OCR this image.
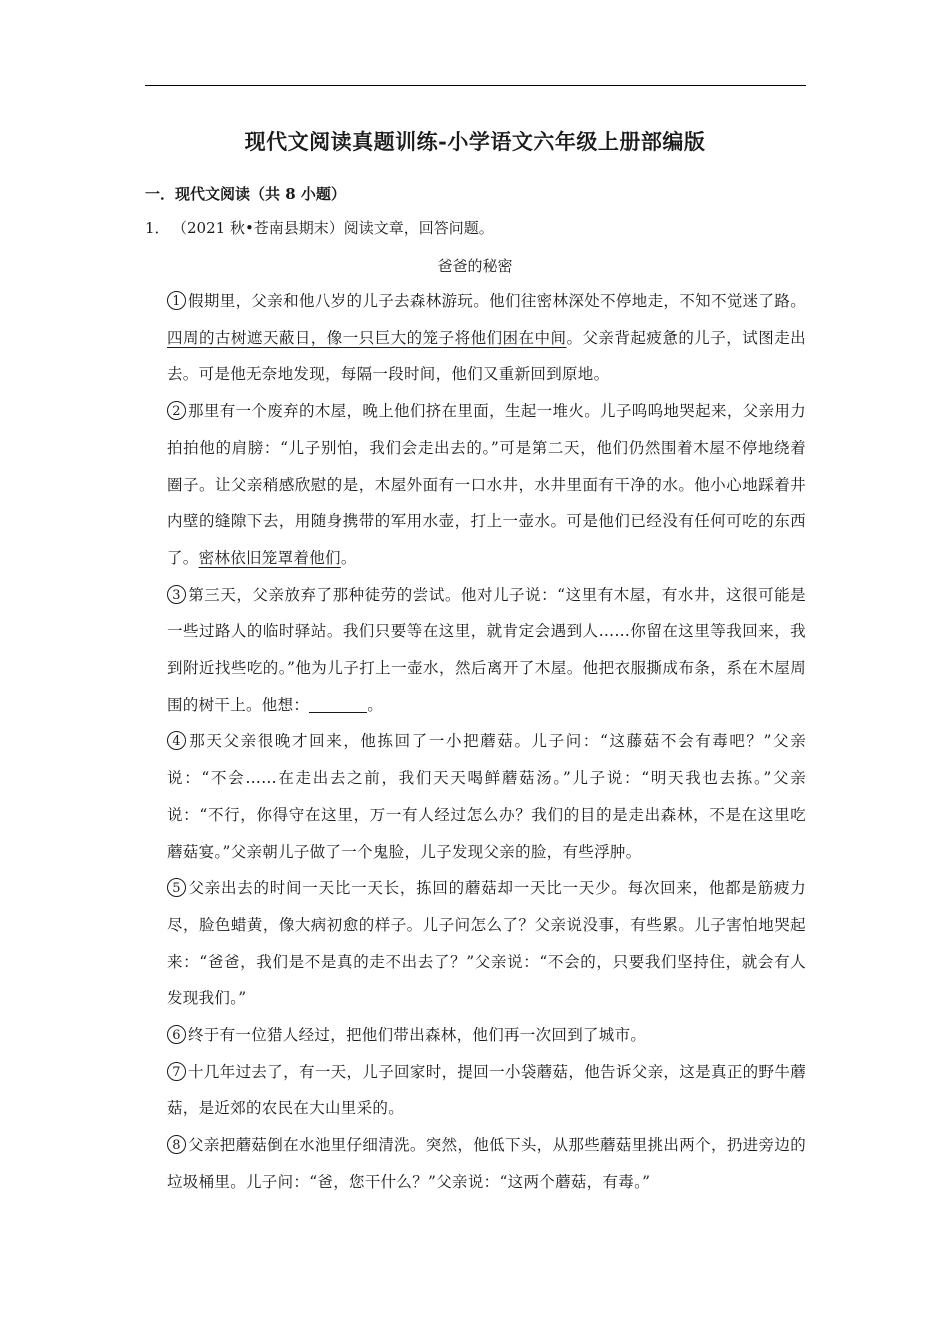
现代文阅读真题训练-小学语文六年级上册部编版
一．现代文阅读（共 8 小题）
1． （2021 秋•苍南县期末）阅读文章，回答问题。
爸爸的秘密

1 假期里，父亲和他八岁的儿子去森林游玩。他们往密林深处不停地走，不知不觉迷了路。四周的古树遮天蔽日，像一只巨大的笼子将他们困在中间。父亲背起疲惫的儿子，试图走出去。可是他无奈地发现，每隔一段时间，他们又重新回到原地。

2 那里有一个废弃的木屋，晚上他们挤在里面，生起一堆火。儿子呜呜地哭起来，父亲用力拍拍他的肩膀：“儿子别怕，我们会走出去的。”可是第二天，他们仍然围着木屋不停地绕着圈子。让父亲稍感欣慰的是，木屋外面有一口水井，水井里面有干净的水。他小心地踩着井内壁的缝隙下去，用随身携带的军用水壶，打上一壶水。可是他们已经没有任何可吃的东西了。密林依旧笼罩着他们。

3 第三天，父亲放弃了那种徒劳的尝试。他对儿子说：“这里有木屋，有水井，这很可能是一些过路人的临时驿站。我们只要等在这里，就肯定会遇到人……你留在这里等我回来，我到附近找些吃的。”他为儿子打上一壶水，然后离开了木屋。他把衣服撕成布条，系在木屋周围的树干上。他想：	。

4 那天父亲很晚才回来，他拣回了一小把蘑菇。儿子问：“这藤菇不会有毒吧？”父亲说：“不会……在走出去之前，我们天天喝鲜蘑菇汤。”儿子说：“明天我也去拣。”父亲说：“不行，你得守在这里，万一有人经过怎么办？我们的目的是走出森林，不是在这里吃蘑菇宴。”父亲朝儿子做了一个鬼脸，儿子发现父亲的脸，有些浮肿。

5 父亲出去的时间一天比一天长，拣回的蘑菇却一天比一天少。每次回来，他都是筋疲力尽，脸色蜡黄，像大病初愈的样子。儿子问怎么了？父亲说没事，有些累。儿子害怕地哭起来：“爸爸，我们是不是真的走不出去了？”父亲说：“不会的，只要我们坚持住，就会有人发现我们。”

6 终于有一位猎人经过，把他们带出森林，他们再一次回到了城市。

7 十几年过去了，有一天，儿子回家时，提回一小袋蘑菇，他告诉父亲，这是真正的野牛蘑菇，是近郊的农民在大山里采的。

8 父亲把蘑菇倒在水池里仔细清洗。突然，他低下头，从那些蘑菇里挑出两个，扔进旁边的垃圾桶里。儿子问：“爸，您干什么？”父亲说：“这两个蘑菇，有毒。”
